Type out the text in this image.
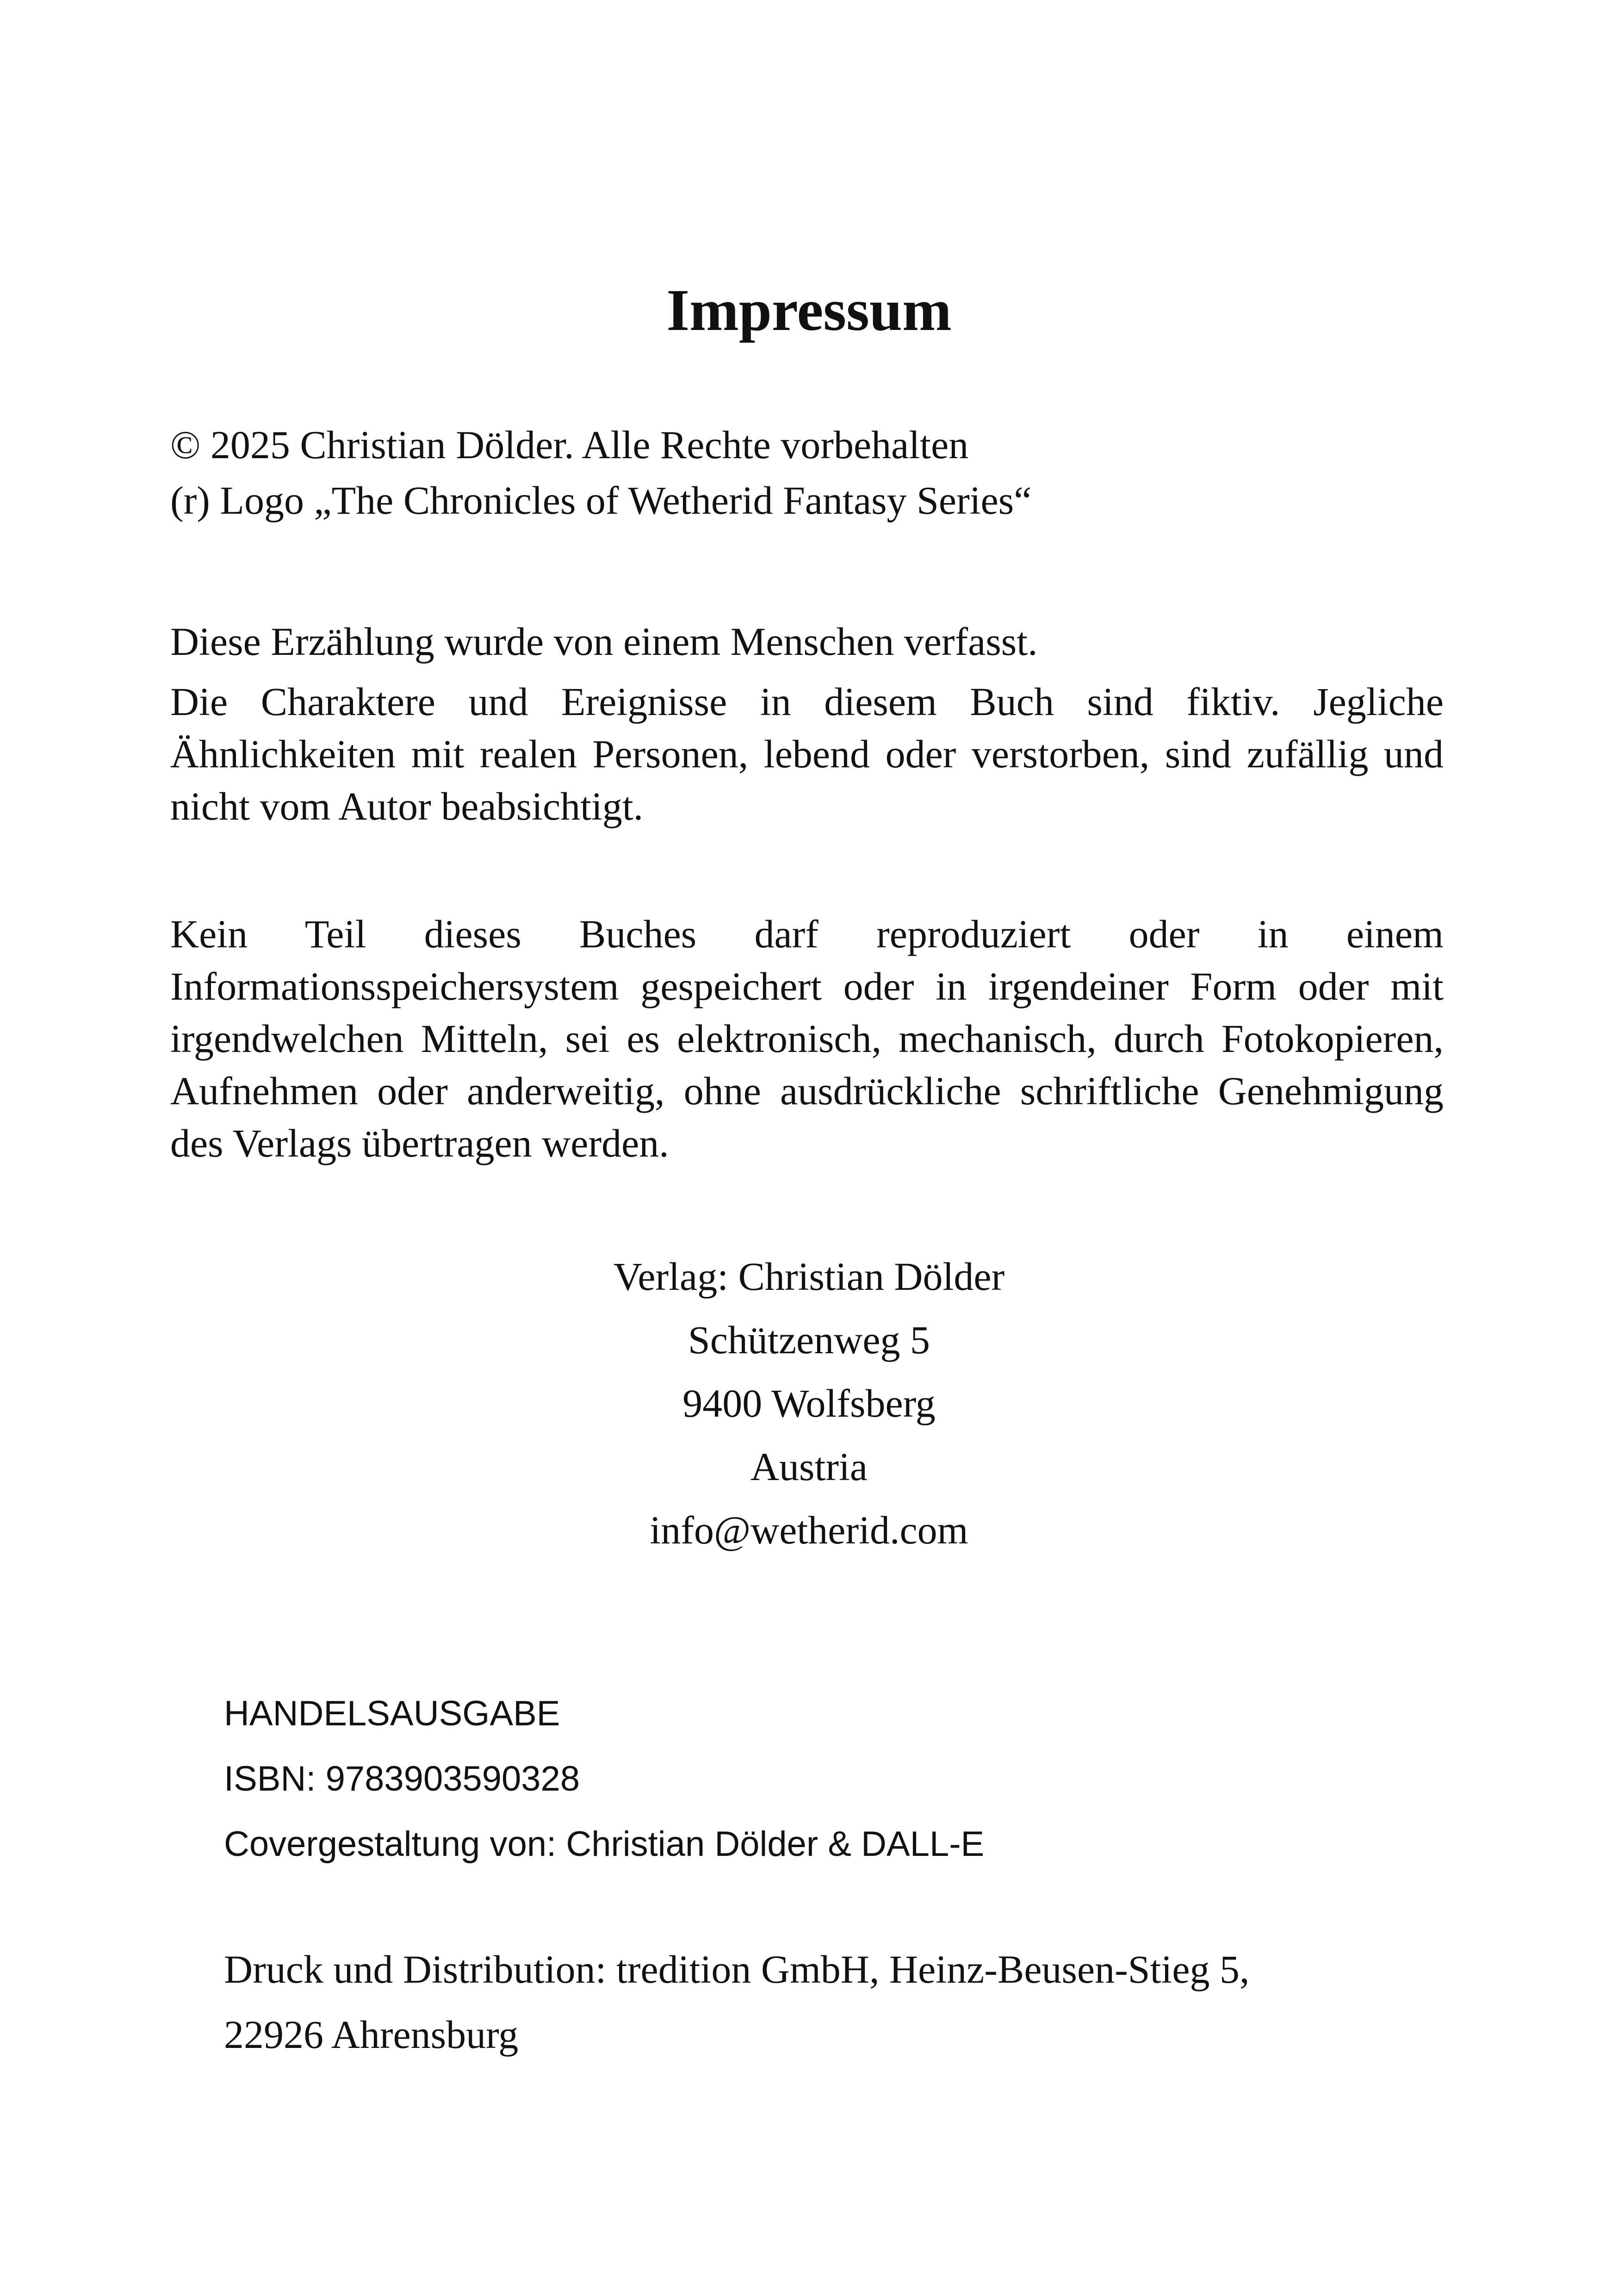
Impressum
© 2025 Christian Dölder. Alle Rechte vorbehalten
(r) Logo „The Chronicles of Wetherid Fantasy Series“
Diese Erzählung wurde von einem Menschen verfasst.
Die Charaktere und Ereignisse in diesem Buch sind fiktiv. Jegliche Ähnlichkeiten mit realen Personen, lebend oder verstorben, sind zufällig und nicht vom Autor beabsichtigt.
Kein Teil dieses Buches darf reproduziert oder in einem Informationsspeichersystem gespeichert oder in irgendeiner Form oder mit irgendwelchen Mitteln, sei es elektronisch, mechanisch, durch Fotokopieren, Aufnehmen oder anderweitig, ohne ausdrückliche schriftliche Genehmigung des Verlags übertragen werden.
Verlag: Christian Dölder
Schützenweg 5
9400 Wolfsberg
Austria
info@wetherid.com
HANDELSAUSGABE
ISBN: 9783903590328
Covergestaltung von: Christian Dölder & DALL-E
Druck und Distribution: tredition GmbH, Heinz-Beusen-Stieg 5,
22926 Ahrensburg
